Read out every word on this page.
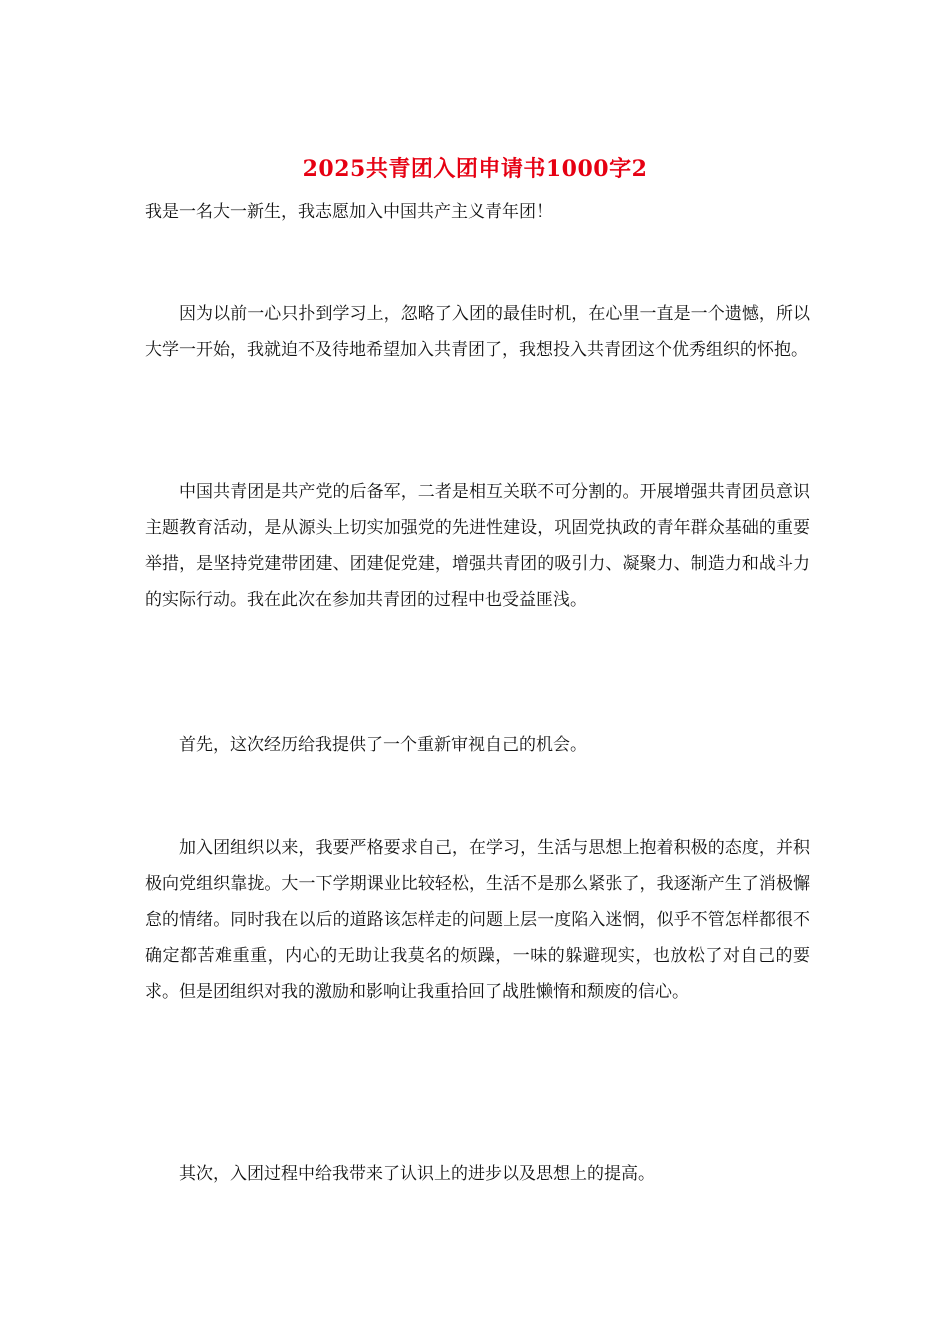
2025共青团入团申请书1000字2

我是一名大一新生，我志愿加入中国共产主义青年团！

因为以前一心只扑到学习上，忽略了入团的最佳时机，在心里一直是一个遗憾，所以大学一开始，我就迫不及待地希望加入共青团了，我想投入共青团这个优秀组织的怀抱。

中国共青团是共产党的后备军，二者是相互关联不可分割的。开展增强共青团员意识主题教育活动，是从源头上切实加强党的先进性建设，巩固党执政的青年群众基础的重要举措，是坚持党建带团建、团建促党建，增强共青团的吸引力、凝聚力、制造力和战斗力的实际行动。我在此次在参加共青团的过程中也受益匪浅。

首先，这次经历给我提供了一个重新审视自己的机会。

加入团组织以来，我要严格要求自己，在学习，生活与思想上抱着积极的态度，并积极向党组织靠拢。大一下学期课业比较轻松，生活不是那么紧张了，我逐渐产生了消极懈怠的情绪。同时我在以后的道路该怎样走的问题上层一度陷入迷惘，似乎不管怎样都很不确定都苦难重重，内心的无助让我莫名的烦躁，一味的躲避现实，也放松了对自己的要求。但是团组织对我的激励和影响让我重拾回了战胜懒惰和颓废的信心。

其次，入团过程中给我带来了认识上的进步以及思想上的提高。
